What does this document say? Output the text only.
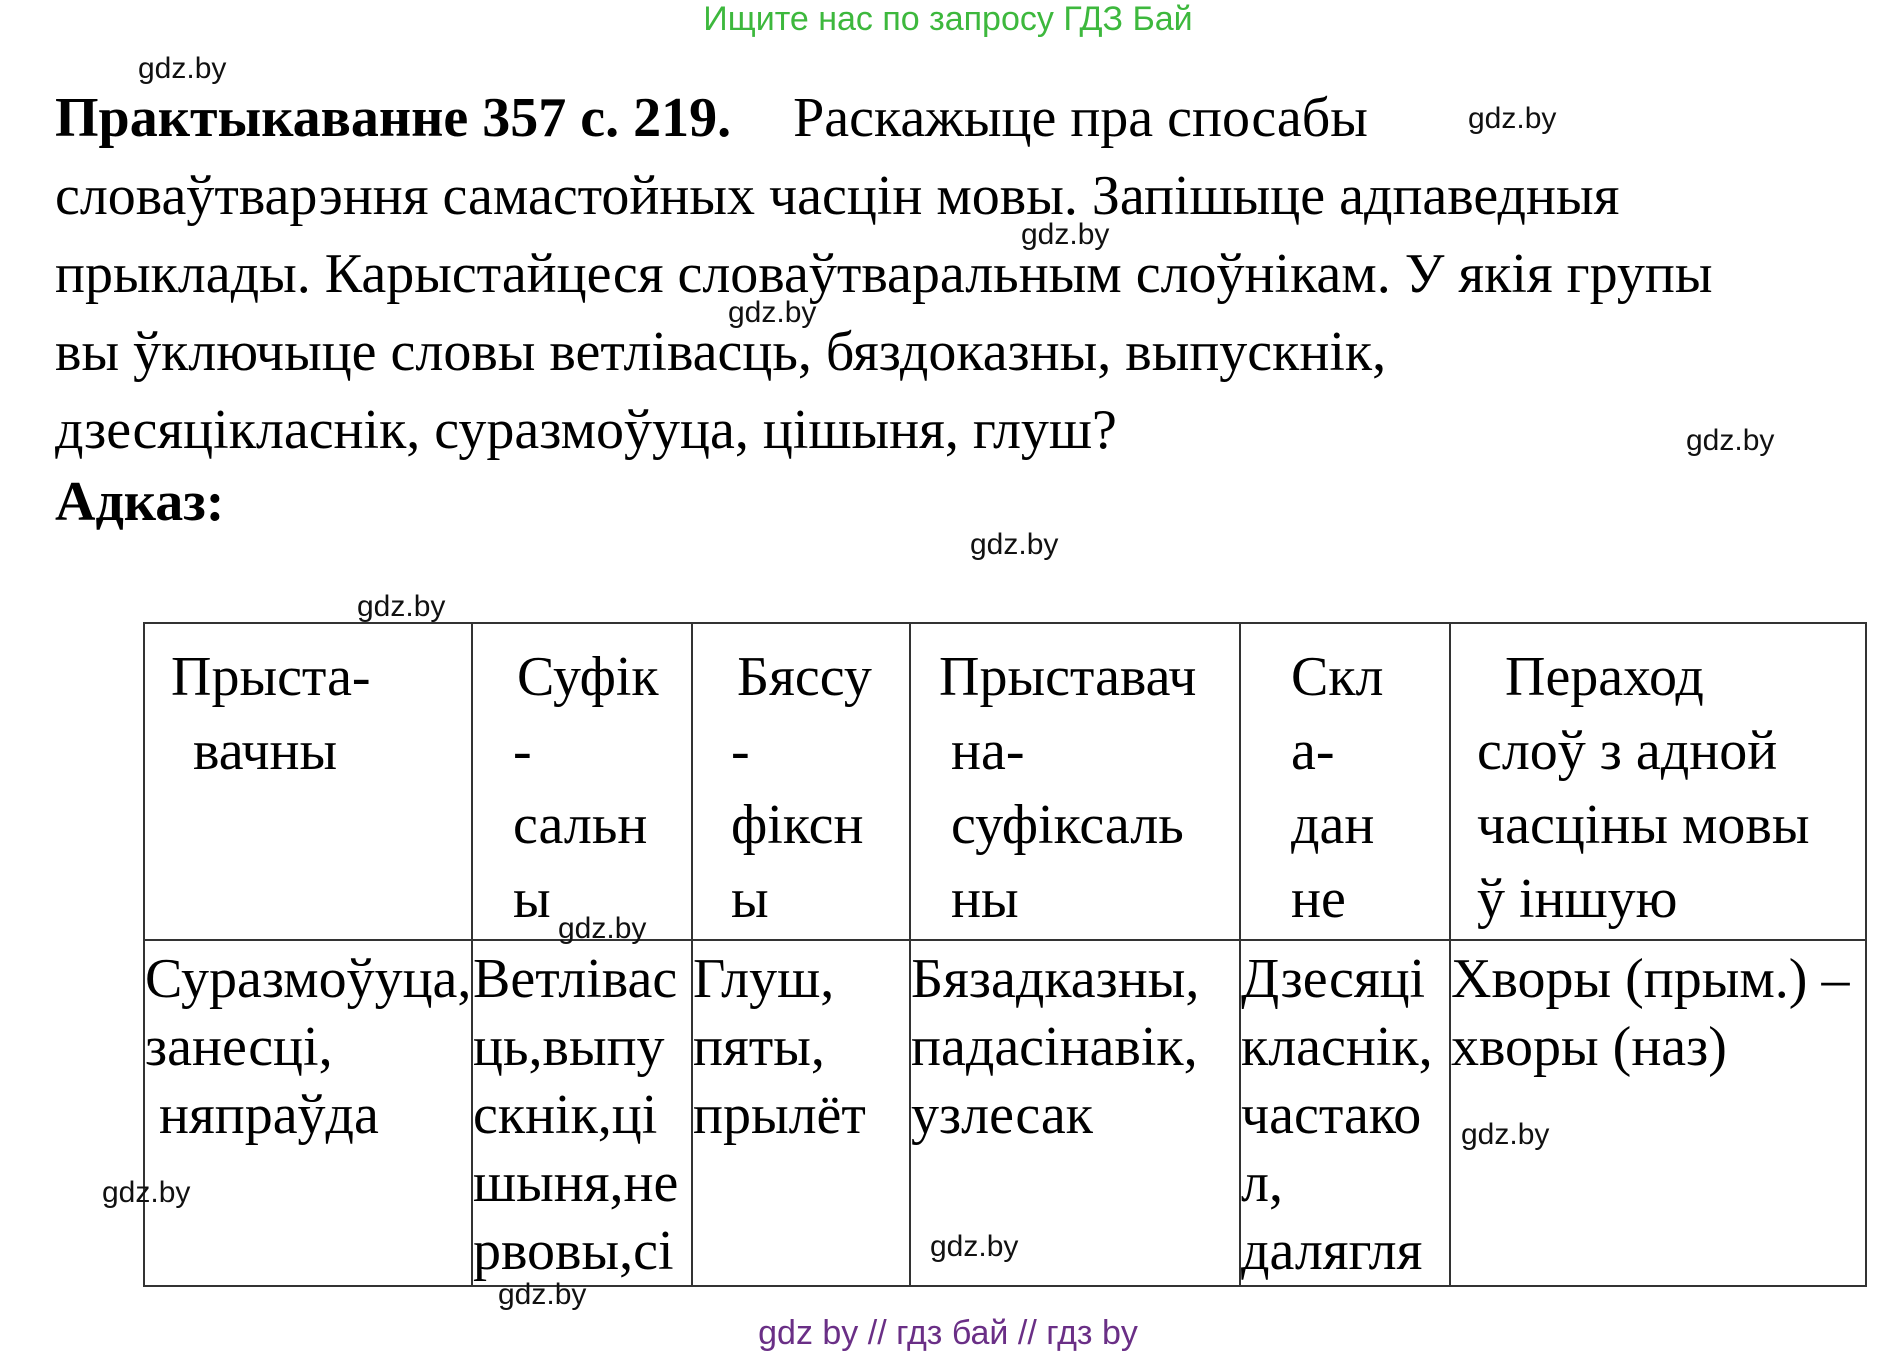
Ищите нас по запросу ГДЗ Бай
gdz.by
gdz.by
gdz.by
gdz.by
gdz.by
gdz.by
gdz.by
gdz.by
gdz.by
gdz.by
gdz.by
gdz.by
Практыкаванне 357 с. 219. Раскажыце пра спосабы
словаўтварэння самастойных часцін мовы. Запішыце адпаведныя
прыклады. Карыстайцеся словаўтваральным слоўнікам. У якія групы
вы ўключыце словы ветлівасць, бяздоказны, выпускнік,
дзесяцікласнік, суразмоўуца, цішыня, глуш?
Адказ:
Прыста-
вачны	Суфік
-
сальн
ы	Бяссу
-
фіксн
ы	Прыставач
на-
суфіксаль
ны	Скл
а-
дан
не	Пераход
слоў з адной
часціны мовы
ў іншую

Суразмоўуца,
занесці,
няпраўда	Ветлівас
ць,выпу
скнік,ці
шыня,не
рвовы,сі	Глуш,
пяты,
прылёт	Бязадказны,
падасінавік,
узлесак	Дзесяці
класнік,
частако
л,
далягля	Хворы (прым.) –
хворы (наз)
gdz by // гдз бай // гдз by
